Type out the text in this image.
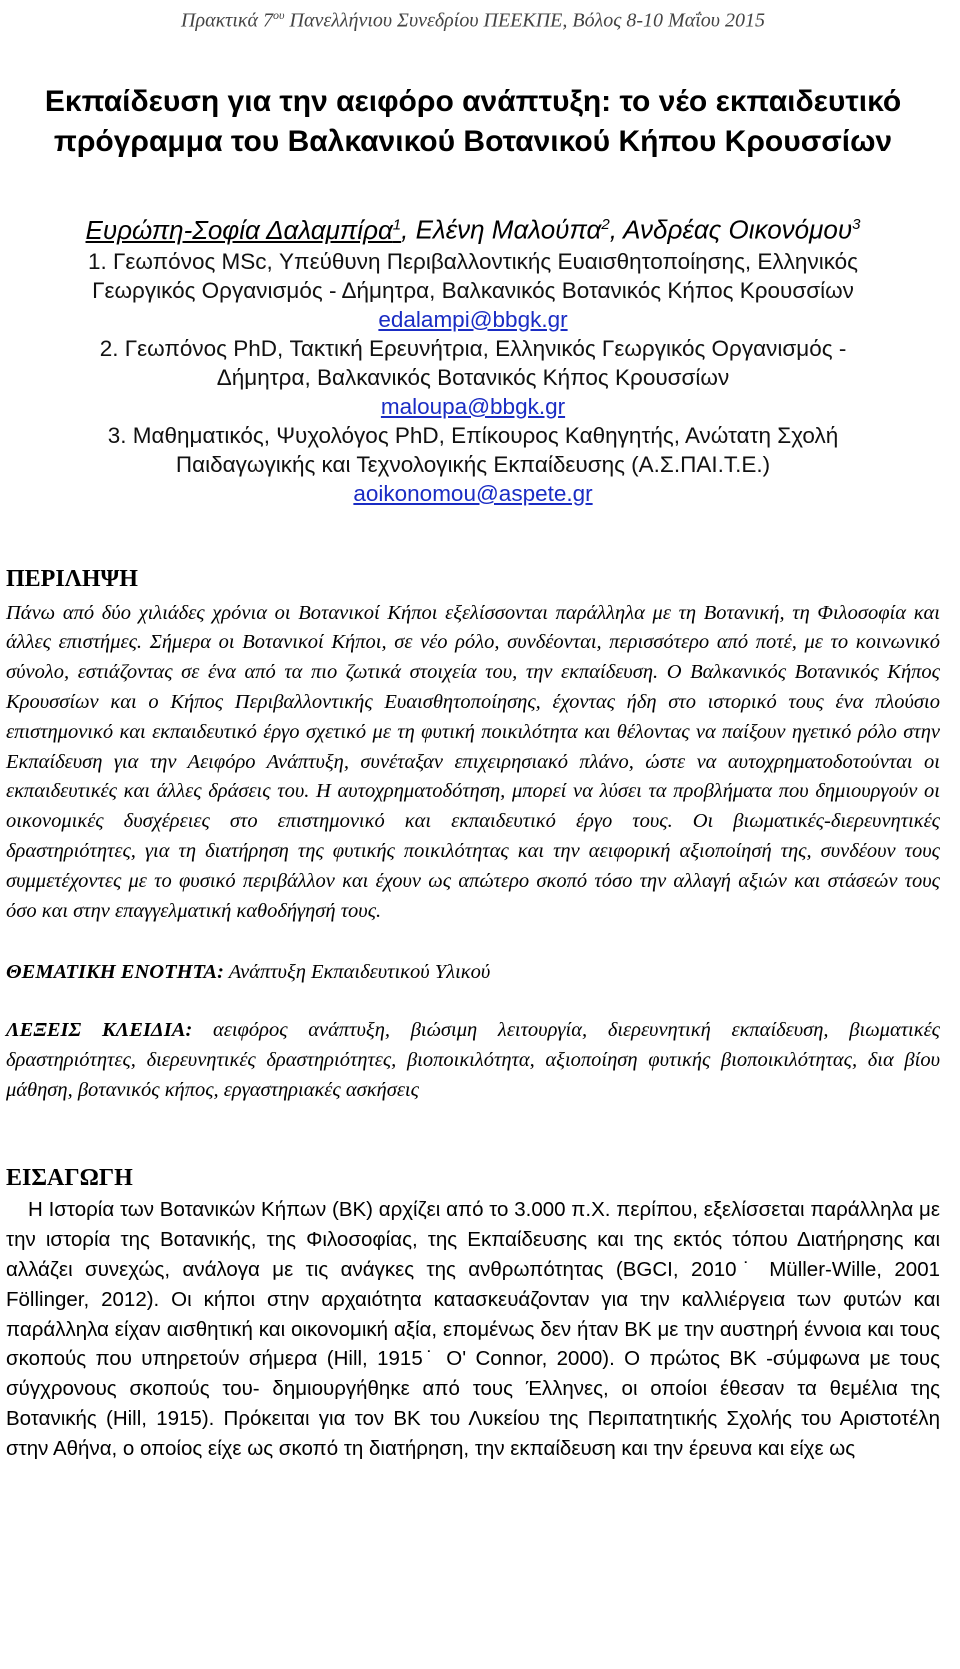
Πρακτικά $7^{o\upsilon}$ Πανελλήνιου Συνεδρίου ΠΕΕΚΠΕ, Βόλος 8-10 Μαΐου 2015
Εκπαίδευση για την αειφόρο ανάπτυξη: το νέο εκπαιδευτικό
πρόγραμμα του Βαλκανικού Βοτανικού Κήπου Κρουσσίων
Ευρώπη-Σοφία Δαλαμπίρα$^1$, Ελένη Μαλούπα$^2$, Ανδρέας Οικονόμου$^3$
1. Γεωπόνος MSc, Υπεύθυνη Περιβαλλοντικής Ευαισθητοποίησης, Ελληνικός
Γεωργικός Οργανισμός - Δήμητρα, Βαλκανικός Βοτανικός Κήπος Κρουσσίων
edalampi@bbgk.gr
2. Γεωπόνος PhD, Τακτική Ερευνήτρια, Ελληνικός Γεωργικός Οργανισμός -
Δήμητρα, Βαλκανικός Βοτανικός Κήπος Κρουσσίων
maloupa@bbgk.gr
3. Μαθηματικός, Ψυχολόγος PhD, Επίκουρος Καθηγητής, Ανώτατη Σχολή
Παιδαγωγικής και Τεχνολογικής Εκπαίδευσης (Α.Σ.ΠΑΙ.Τ.Ε.)
aoikonomou@aspete.gr
ΠΕΡΙΛΗΨΗ
Πάνω από δύο χιλιάδες χρόνια οι Βοτανικοί Κήποι εξελίσσονται παράλληλα με τη Βοτανική, τη Φιλοσοφία και άλλες επιστήμες. Σήμερα οι Βοτανικοί Κήποι, σε νέο ρόλο, συνδέονται, περισσότερο από ποτέ, με το κοινωνικό σύνολο, εστιάζοντας σε ένα από τα πιο ζωτικά στοιχεία του, την εκπαίδευση. Ο Βαλκανικός Βοτανικός Κήπος Κρουσσίων και ο Κήπος Περιβαλλοντικής Ευαισθητοποίησης, έχοντας ήδη στο ιστορικό τους ένα πλούσιο επιστημονικό και εκπαιδευτικό έργο σχετικό με τη φυτική ποικιλότητα και θέλοντας να παίξουν ηγετικό ρόλο στην Εκπαίδευση για την Αειφόρο Ανάπτυξη, συνέταξαν επιχειρησιακό πλάνο, ώστε να αυτοχρηματοδοτούνται οι εκπαιδευτικές και άλλες δράσεις του. Η αυτοχρηματοδότηση, μπορεί να λύσει τα προβλήματα που δημιουργούν οι οικονομικές δυσχέρειες στο επιστημονικό και εκπαιδευτικό έργο τους. Οι βιωματικές-διερευνητικές δραστηριότητες, για τη διατήρηση της φυτικής ποικιλότητας και την αειφορική αξιοποίησή της, συνδέουν τους συμμετέχοντες με το φυσικό περιβάλλον και έχουν ως απώτερο σκοπό τόσο την αλλαγή αξιών και στάσεών τους όσο και στην επαγγελματική καθοδήγησή τους.
ΘΕΜΑΤΙΚΗ ΕΝΟΤΗΤΑ: Ανάπτυξη Εκπαιδευτικού Υλικού
ΛΕΞΕΙΣ ΚΛΕΙΔΙΑ: αειφόρος ανάπτυξη, βιώσιμη λειτουργία, διερευνητική εκπαίδευση, βιωματικές δραστηριότητες, διερευνητικές δραστηριότητες, βιοποικιλότητα, αξιοποίηση φυτικής βιοποικιλότητας, δια βίου μάθηση, βοτανικός κήπος, εργαστηριακές ασκήσεις
ΕΙΣΑΓΩΓΗ
Η Ιστορία των Βοτανικών Κήπων (ΒΚ) αρχίζει από το 3.000 π.Χ. περίπου, εξελίσσεται παράλληλα με την ιστορία της Βοτανικής, της Φιλοσοφίας, της Εκπαίδευσης και της εκτός τόπου Διατήρησης και αλλάζει συνεχώς, ανάλογα με τις ανάγκες της ανθρωπότητας (BGCI, 2010˙ Müller-Wille, 2001 Föllinger, 2012). Οι κήποι στην αρχαιότητα κατασκευάζονταν για την καλλιέργεια των φυτών και παράλληλα είχαν αισθητική και οικονομική αξία, επομένως δεν ήταν ΒΚ με την αυστηρή έννοια και τους σκοπούς που υπηρετούν σήμερα (Hill, 1915˙ O' Connor, 2000). Ο πρώτος ΒΚ -σύμφωνα με τους σύγχρονους σκοπούς του- δημιουργήθηκε από τους Έλληνες, οι οποίοι έθεσαν τα θεμέλια της Βοτανικής (Hill, 1915). Πρόκειται για τον ΒΚ του Λυκείου της Περιπατητικής Σχολής του Αριστοτέλη στην Αθήνα, ο οποίος είχε ως σκοπό τη διατήρηση, την εκπαίδευση και την έρευνα και είχε ως
